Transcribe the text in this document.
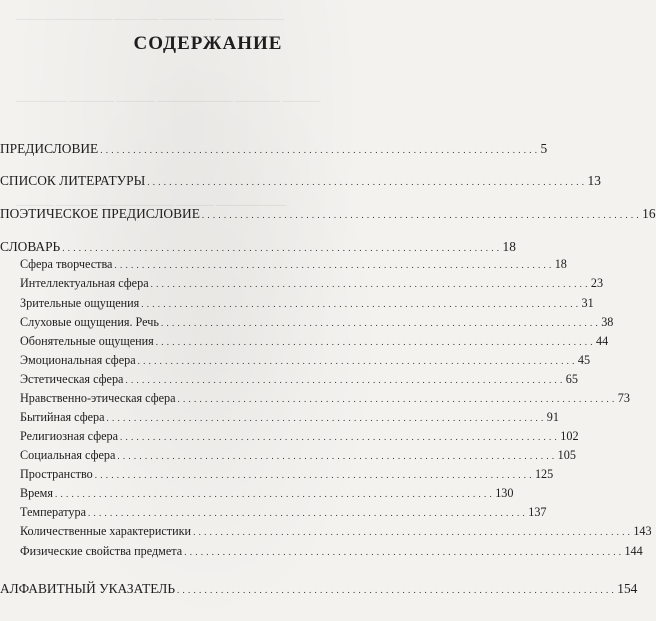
─────────────── ─────── ──────── ───────────
──────── ─────── ────── ──────────── ─────── ──────
────── ──────── ────────── ────── ───────────
СОДЕРЖАНИЕ
ПРЕДИСЛОВИЕ . . . . . . . . . . . . . . . . . . . . . . . . . . . . . . . . . . . . . . . . . . . . . . . . . . . . . . . . . . . . . . . . . . . . . . . . . . . . . . . . 5
СПИСОК ЛИТЕРАТУРЫ . . . . . . . . . . . . . . . . . . . . . . . . . . . . . . . . . . . . . . . . . . . . . . . . . . . . . . . . . . . . . . . . . . . . . . . . . . . . . . . . 13
ПОЭТИЧЕСКОЕ ПРЕДИСЛОВИЕ . . . . . . . . . . . . . . . . . . . . . . . . . . . . . . . . . . . . . . . . . . . . . . . . . . . . . . . . . . . . . . . . . . . . . . . . . . . . . . . . 16
СЛОВАРЬ . . . . . . . . . . . . . . . . . . . . . . . . . . . . . . . . . . . . . . . . . . . . . . . . . . . . . . . . . . . . . . . . . . . . . . . . . . . . . . . . 18
Сфера творчества . . . . . . . . . . . . . . . . . . . . . . . . . . . . . . . . . . . . . . . . . . . . . . . . . . . . . . . . . . . . . . . . . . . . . . . . . . . . . . . . 18
Интеллектуальная сфера . . . . . . . . . . . . . . . . . . . . . . . . . . . . . . . . . . . . . . . . . . . . . . . . . . . . . . . . . . . . . . . . . . . . . . . . . . . . . . . . 23
Зрительные ощущения . . . . . . . . . . . . . . . . . . . . . . . . . . . . . . . . . . . . . . . . . . . . . . . . . . . . . . . . . . . . . . . . . . . . . . . . . . . . . . . . 31
Слуховые ощущения. Речь . . . . . . . . . . . . . . . . . . . . . . . . . . . . . . . . . . . . . . . . . . . . . . . . . . . . . . . . . . . . . . . . . . . . . . . . . . . . . . . . 38
Обонятельные ощущения . . . . . . . . . . . . . . . . . . . . . . . . . . . . . . . . . . . . . . . . . . . . . . . . . . . . . . . . . . . . . . . . . . . . . . . . . . . . . . . . 44
Эмоциональная сфера . . . . . . . . . . . . . . . . . . . . . . . . . . . . . . . . . . . . . . . . . . . . . . . . . . . . . . . . . . . . . . . . . . . . . . . . . . . . . . . . 45
Эстетическая сфера . . . . . . . . . . . . . . . . . . . . . . . . . . . . . . . . . . . . . . . . . . . . . . . . . . . . . . . . . . . . . . . . . . . . . . . . . . . . . . . . 65
Нравственно-этическая сфера . . . . . . . . . . . . . . . . . . . . . . . . . . . . . . . . . . . . . . . . . . . . . . . . . . . . . . . . . . . . . . . . . . . . . . . . . . . . . . . . 73
Бытийная сфера . . . . . . . . . . . . . . . . . . . . . . . . . . . . . . . . . . . . . . . . . . . . . . . . . . . . . . . . . . . . . . . . . . . . . . . . . . . . . . . . 91
Религиозная сфера . . . . . . . . . . . . . . . . . . . . . . . . . . . . . . . . . . . . . . . . . . . . . . . . . . . . . . . . . . . . . . . . . . . . . . . . . . . . . . . . 102
Социальная сфера . . . . . . . . . . . . . . . . . . . . . . . . . . . . . . . . . . . . . . . . . . . . . . . . . . . . . . . . . . . . . . . . . . . . . . . . . . . . . . . . 105
Пространство . . . . . . . . . . . . . . . . . . . . . . . . . . . . . . . . . . . . . . . . . . . . . . . . . . . . . . . . . . . . . . . . . . . . . . . . . . . . . . . . 125
Время . . . . . . . . . . . . . . . . . . . . . . . . . . . . . . . . . . . . . . . . . . . . . . . . . . . . . . . . . . . . . . . . . . . . . . . . . . . . . . . . 130
Температура . . . . . . . . . . . . . . . . . . . . . . . . . . . . . . . . . . . . . . . . . . . . . . . . . . . . . . . . . . . . . . . . . . . . . . . . . . . . . . . . 137
Количественные характеристики . . . . . . . . . . . . . . . . . . . . . . . . . . . . . . . . . . . . . . . . . . . . . . . . . . . . . . . . . . . . . . . . . . . . . . . . . . . . . . . . 143
Физические свойства предмета . . . . . . . . . . . . . . . . . . . . . . . . . . . . . . . . . . . . . . . . . . . . . . . . . . . . . . . . . . . . . . . . . . . . . . . . . . . . . . . . 144
АЛФАВИТНЫЙ УКАЗАТЕЛЬ . . . . . . . . . . . . . . . . . . . . . . . . . . . . . . . . . . . . . . . . . . . . . . . . . . . . . . . . . . . . . . . . . . . . . . . . . . . . . . . . 154
